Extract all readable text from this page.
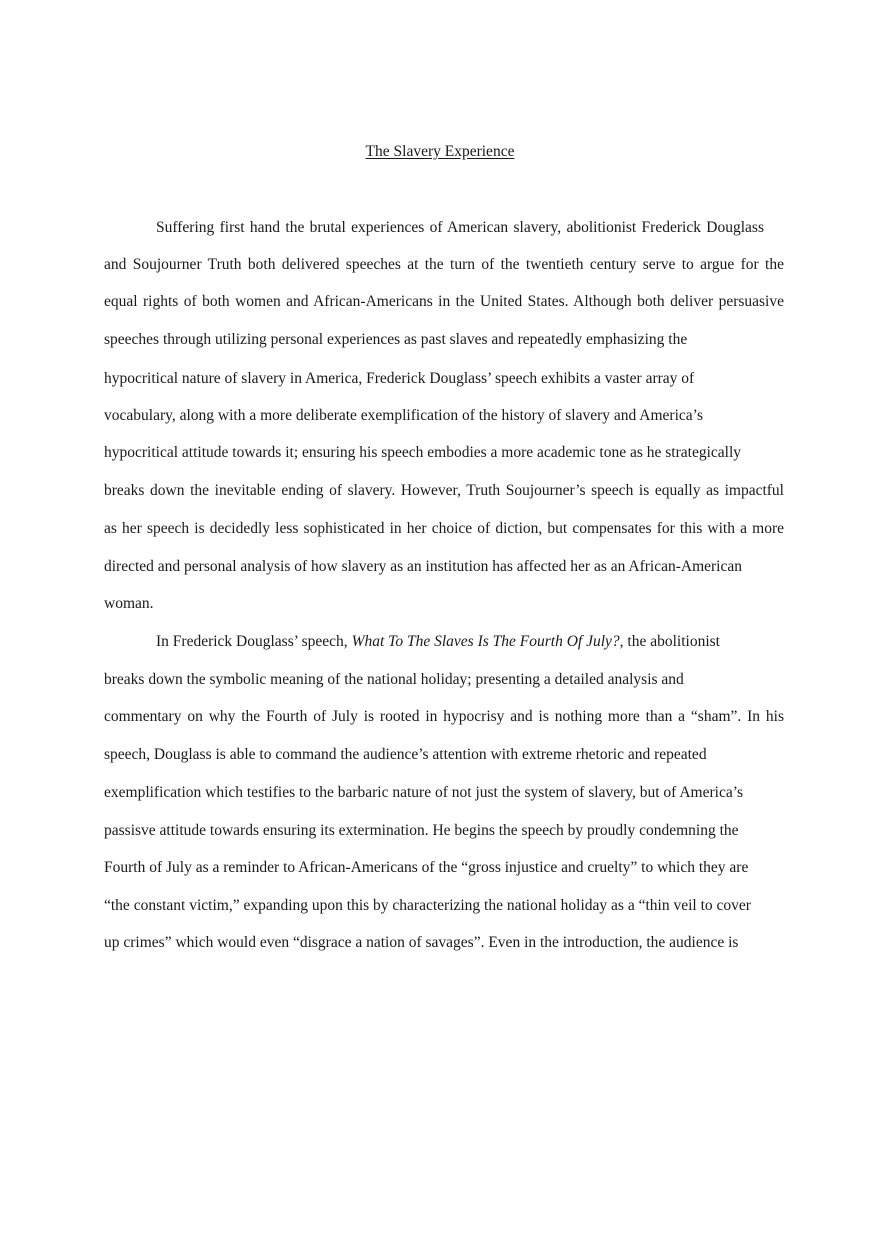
The Slavery Experience
Suffering first hand the brutal experiences of American slavery, abolitionist Frederick Douglass
and Soujourner Truth both delivered speeches at the turn of the twentieth century serve to argue for the
equal rights of both women and African-Americans in the United States. Although both deliver persuasive
speeches through utilizing personal experiences as past slaves and repeatedly emphasizing the
hypocritical nature of slavery in America, Frederick Douglass’ speech exhibits a vaster array of
vocabulary, along with a more deliberate exemplification of the history of slavery and America’s
hypocritical attitude towards it; ensuring his speech embodies a more academic tone as he strategically
breaks down the inevitable ending of slavery. However, Truth Soujourner’s speech is equally as impactful
as her speech is decidedly less sophisticated in her choice of diction, but compensates for this with a more
directed and personal analysis of how slavery as an institution has affected her as an African-American
woman.
In Frederick Douglass’ speech, What To The Slaves Is The Fourth Of July?, the abolitionist
breaks down the symbolic meaning of the national holiday; presenting a detailed analysis and
commentary on why the Fourth of July is rooted in hypocrisy and is nothing more than a “sham”. In his
speech, Douglass is able to command the audience’s attention with extreme rhetoric and repeated
exemplification which testifies to the barbaric nature of not just the system of slavery, but of America’s
passisve attitude towards ensuring its extermination. He begins the speech by proudly condemning the
Fourth of July as a reminder to African-Americans of the “gross injustice and cruelty” to which they are
“the constant victim,” expanding upon this by characterizing the national holiday as a “thin veil to cover
up crimes” which would even “disgrace a nation of savages”. Even in the introduction, the audience is
